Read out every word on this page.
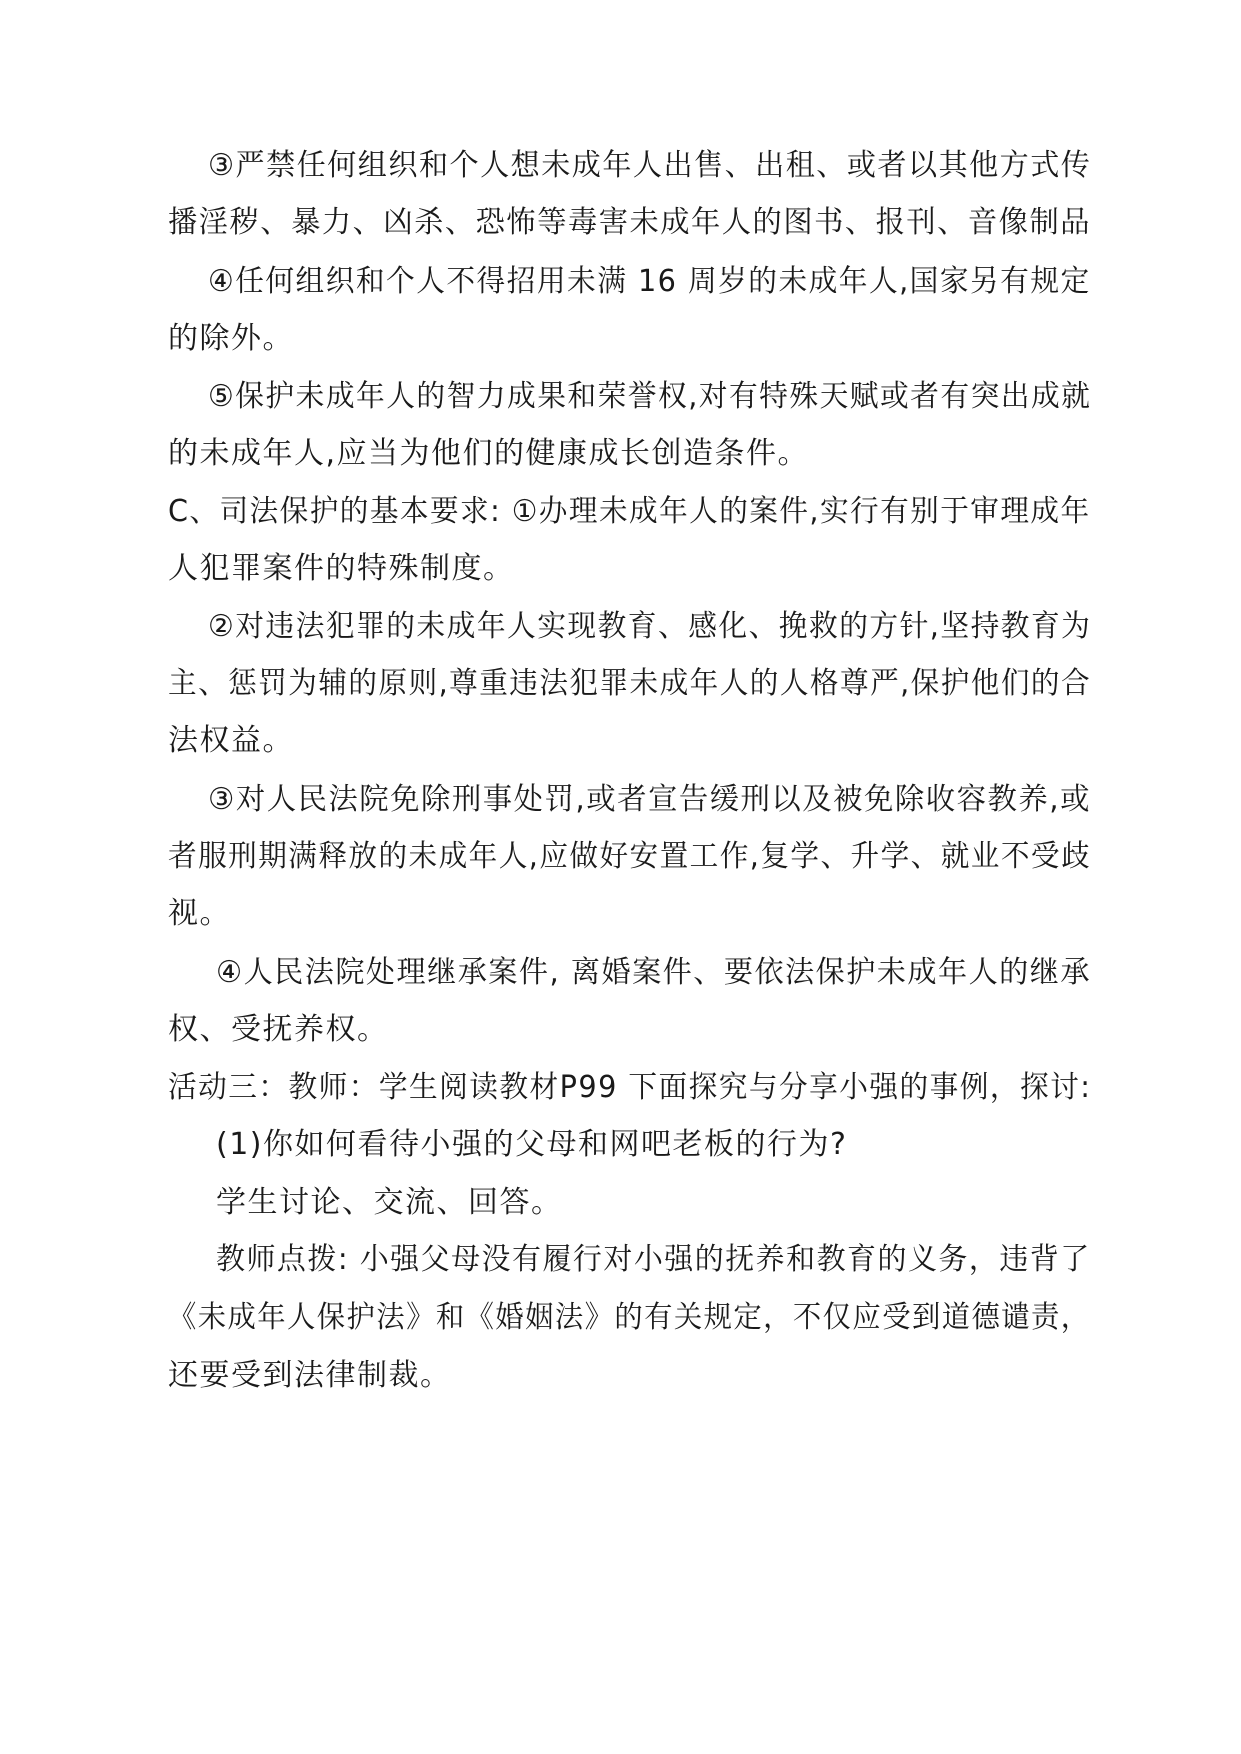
③严禁任何组织和个人想未成年人出售、出租、或者以其他方式传
播淫秽、暴力、凶杀、恐怖等毒害未成年人的图书、报刊、音像制品
④任何组织和个人不得招用未满 16 周岁的未成年人,国家另有规定
的除外。
⑤保护未成年人的智力成果和荣誉权,对有特殊天赋或者有突出成就
的未成年人,应当为他们的健康成长创造条件。
C、司法保护的基本要求: ①办理未成年人的案件,实行有别于审理成年
人犯罪案件的特殊制度。
②对违法犯罪的未成年人实现教育、感化、挽救的方针,坚持教育为
主、惩罚为辅的原则,尊重违法犯罪未成年人的人格尊严,保护他们的合
法权益。
③对人民法院免除刑事处罚,或者宣告缓刑以及被免除收容教养,或
者服刑期满释放的未成年人,应做好安置工作,复学、升学、就业不受歧
视。
④人民法院处理继承案件, 离婚案件、要依法保护未成年人的继承
权、受抚养权。
活动三：教师：学生阅读教材P99 下面探究与分享小强的事例，探讨:
(1)你如何看待小强的父母和网吧老板的行为?
学生讨论、交流、回答。
教师点拨: 小强父母没有履行对小强的抚养和教育的义务，违背了
《未成年人保护法》和《婚姻法》的有关规定，不仅应受到道德谴责，
还要受到法律制裁。
